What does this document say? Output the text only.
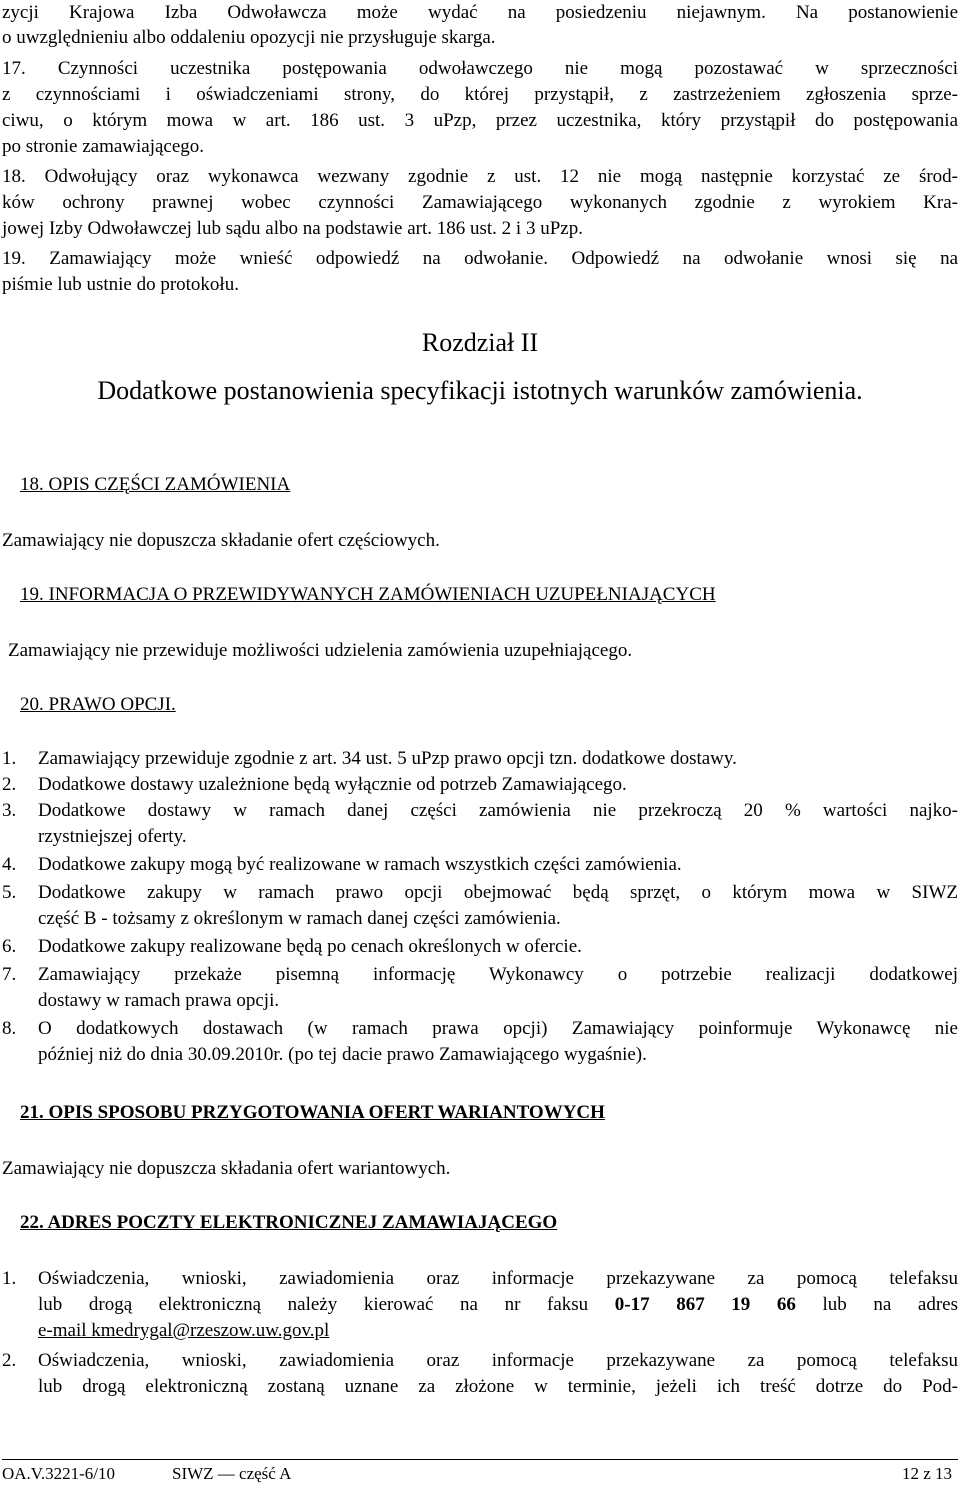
zycji Krajowa Izba Odwoławcza może wydać na posiedzeniu niejawnym. Na postanowienie
o uwzględnieniu albo oddaleniu opozycji nie przysługuje skarga.
17. Czynności uczestnika postępowania odwoławczego nie mogą pozostawać w sprzeczności
z czynnościami i oświadczeniami strony, do której przystąpił, z zastrzeżeniem zgłoszenia sprze-
ciwu, o którym mowa w art. 186 ust. 3 uPzp, przez uczestnika, który przystąpił do postępowania
po stronie zamawiającego.
18. Odwołujący oraz wykonawca wezwany zgodnie z ust. 12 nie mogą następnie korzystać ze środ-
ków ochrony prawnej wobec czynności Zamawiającego wykonanych zgodnie z wyrokiem Kra-
jowej Izby Odwoławczej lub sądu albo na podstawie art. 186 ust. 2 i 3 uPzp.
19. Zamawiający może wnieść odpowiedź na odwołanie. Odpowiedź na odwołanie wnosi się na
piśmie lub ustnie do protokołu.
Rozdział II
Dodatkowe postanowienia specyfikacji istotnych warunków zamówienia.
18. OPIS CZĘŚCI ZAMÓWIENIA
Zamawiający nie dopuszcza składanie ofert częściowych.
19. INFORMACJA O PRZEWIDYWANYCH ZAMÓWIENIACH UZUPEŁNIAJĄCYCH
Zamawiający nie przewiduje możliwości udzielenia zamówienia uzupełniającego.
20. PRAWO OPCJI.
1.	Zamawiający przewiduje zgodnie z art. 34 ust. 5 uPzp prawo opcji tzn. dodatkowe dostawy.
2.	Dodatkowe dostawy uzależnione będą wyłącznie od potrzeb Zamawiającego.
3.	Dodatkowe dostawy w ramach danej części zamówienia nie przekroczą 20 % wartości najko-
rzystniejszej oferty.
4.	Dodatkowe zakupy mogą być realizowane w ramach wszystkich części zamówienia.
5.	Dodatkowe zakupy w ramach prawo opcji obejmować będą sprzęt, o którym mowa w SIWZ
część B - tożsamy z określonym w ramach danej części zamówienia.
6.	Dodatkowe zakupy realizowane będą po cenach określonych w ofercie.
7.	Zamawiający przekaże pisemną informację Wykonawcy o potrzebie realizacji dodatkowej
dostawy w ramach prawa opcji.
8.	O dodatkowych dostawach (w ramach prawa opcji) Zamawiający poinformuje Wykonawcę nie
później niż do dnia 30.09.2010r. (po tej dacie prawo Zamawiającego wygaśnie).
21. OPIS SPOSOBU PRZYGOTOWANIA OFERT WARIANTOWYCH
Zamawiający nie dopuszcza składania ofert wariantowych.
22. ADRES POCZTY ELEKTRONICZNEJ ZAMAWIAJĄCEGO
1.	Oświadczenia, wnioski, zawiadomienia oraz informacje przekazywane za pomocą telefaksu
lub drogą elektroniczną należy kierować na nr faksu 0-17 867 19 66 lub na adres
e-mail kmedrygal@rzeszow.uw.gov.pl
2.	Oświadczenia, wnioski, zawiadomienia oraz informacje przekazywane za pomocą telefaksu
lub drogą elektroniczną zostaną uznane za złożone w terminie, jeżeli ich treść dotrze do Pod-
OA.V.3221-6/10	SIWZ — część A	12 z 13
